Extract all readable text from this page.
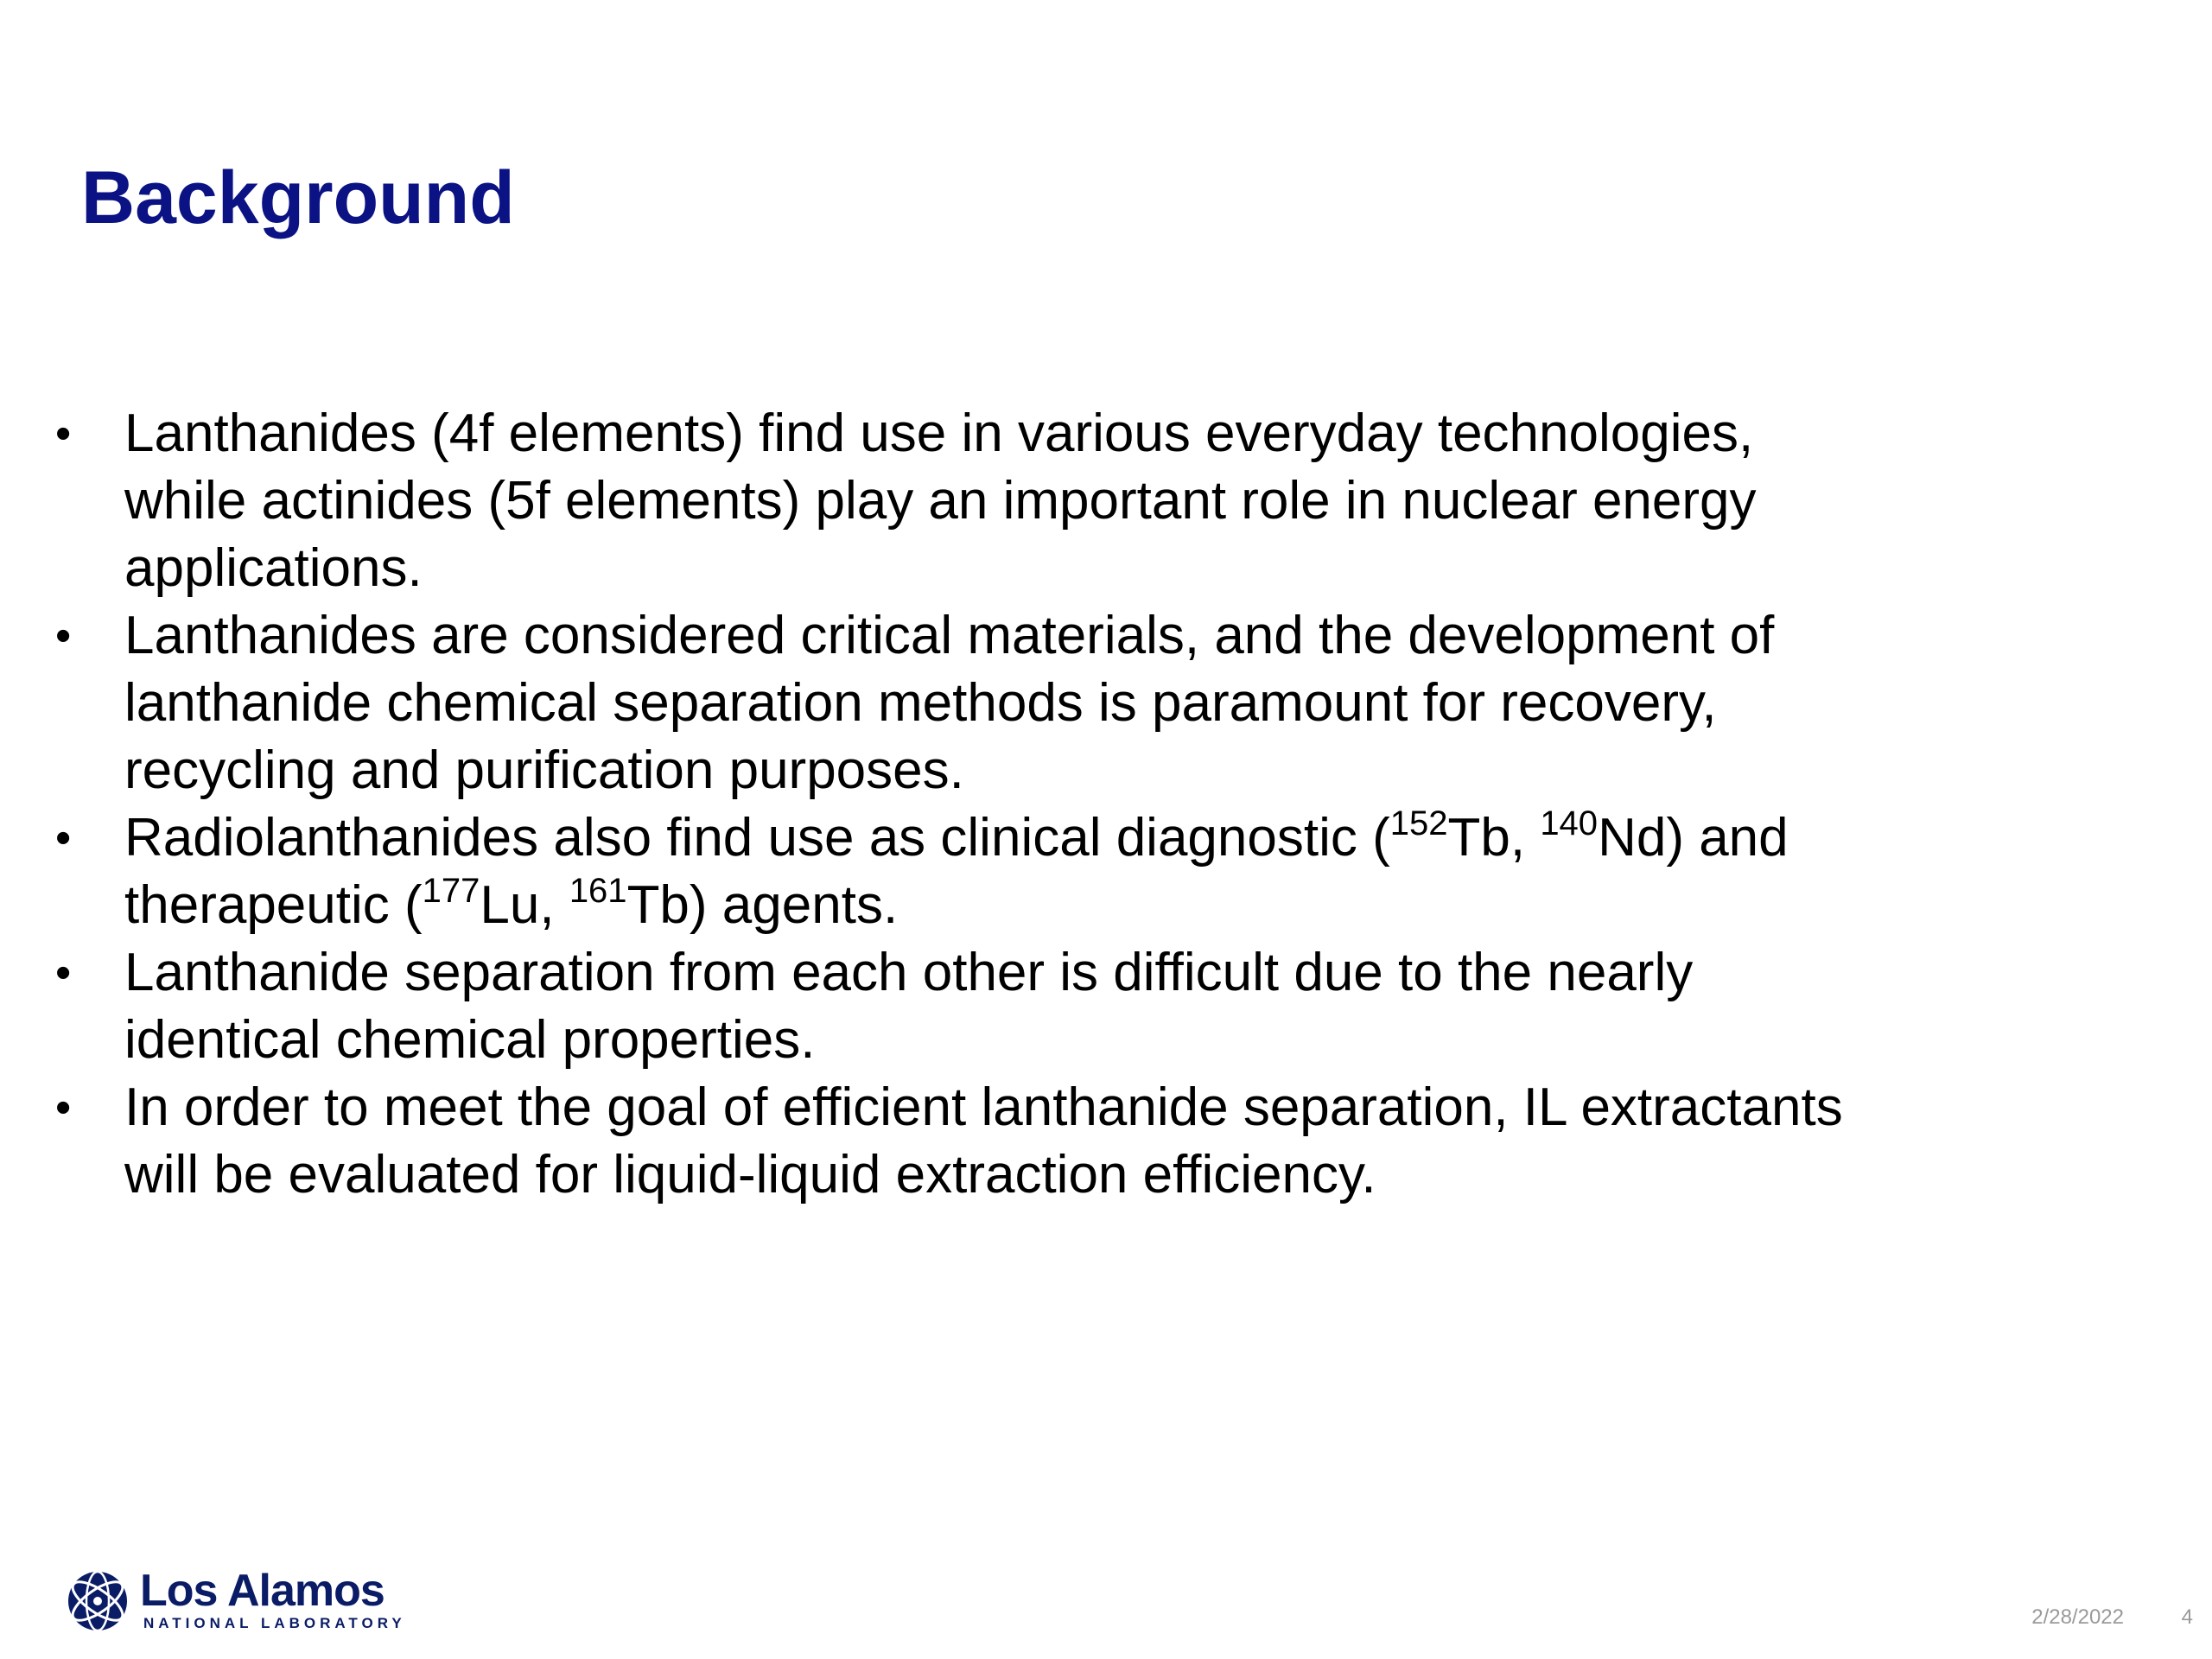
Background
• Lanthanides (4f elements) find use in various everyday technologies,
while actinides (5f elements) play an important role in nuclear energy
applications.
• Lanthanides are considered critical materials, and the development of
lanthanide chemical separation methods is paramount for recovery,
recycling and purification purposes.
• Radiolanthanides also find use as clinical diagnostic ($^{152}$Tb, $^{140}$Nd) and
therapeutic ($^{177}$Lu, $^{161}$Tb) agents.
• Lanthanide separation from each other is difficult due to the nearly
identical chemical properties.
• In order to meet the goal of efficient lanthanide separation, IL extractants
will be evaluated for liquid-liquid extraction efficiency.
Los Alamos
NATIONAL LABORATORY	2/28/2022	4
